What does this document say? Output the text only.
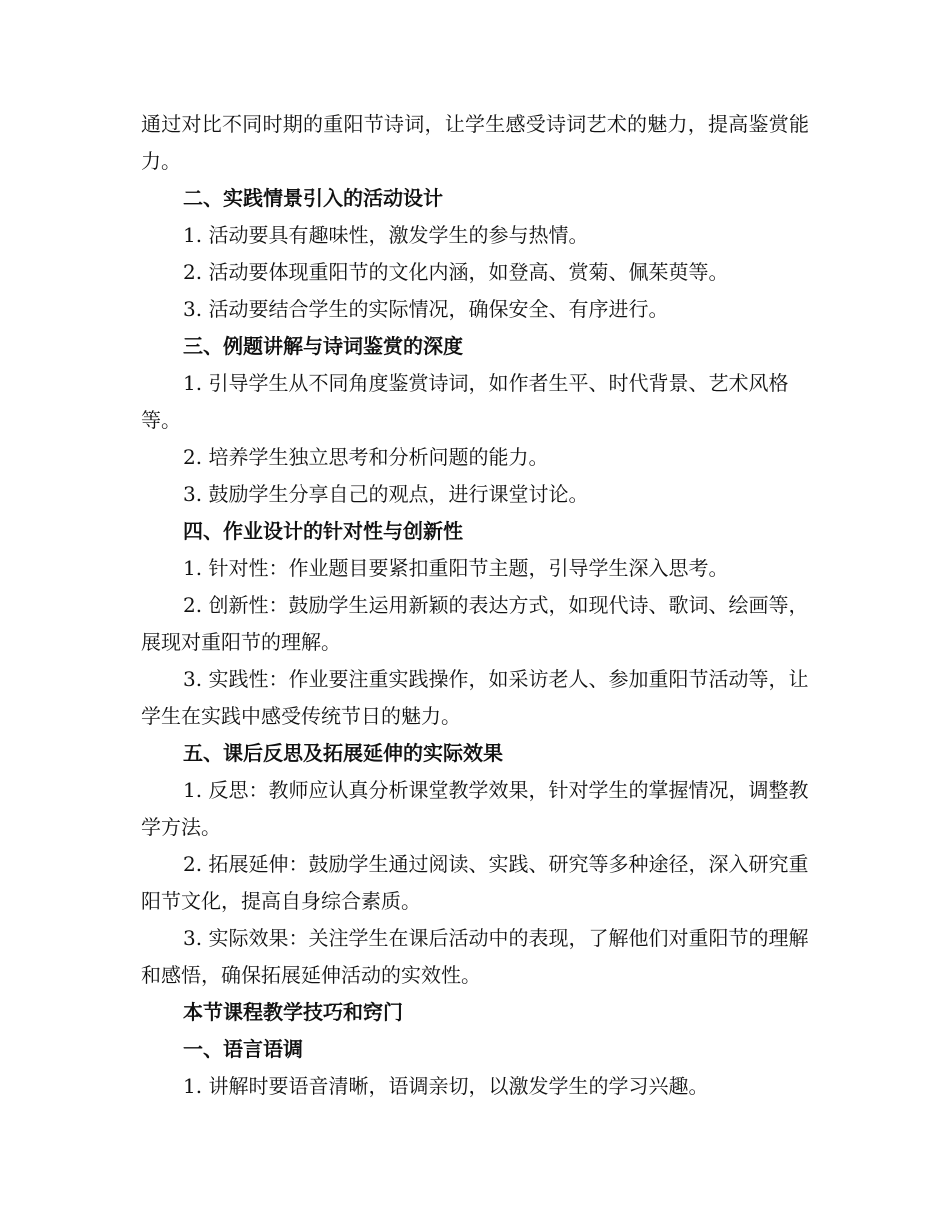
通过对比不同时期的重阳节诗词，让学生感受诗词艺术的魅力，提高鉴赏能力。

二、实践情景引入的活动设计

1. 活动要具有趣味性，激发学生的参与热情。

2. 活动要体现重阳节的文化内涵，如登高、赏菊、佩茱萸等。

3. 活动要结合学生的实际情况，确保安全、有序进行。

三、例题讲解与诗词鉴赏的深度

1. 引导学生从不同角度鉴赏诗词，如作者生平、时代背景、艺术风格等。

2. 培养学生独立思考和分析问题的能力。

3. 鼓励学生分享自己的观点，进行课堂讨论。

四、作业设计的针对性与创新性

1. 针对性：作业题目要紧扣重阳节主题，引导学生深入思考。

2. 创新性：鼓励学生运用新颖的表达方式，如现代诗、歌词、绘画等，展现对重阳节的理解。

3. 实践性：作业要注重实践操作，如采访老人、参加重阳节活动等，让学生在实践中感受传统节日的魅力。

五、课后反思及拓展延伸的实际效果

1. 反思：教师应认真分析课堂教学效果，针对学生的掌握情况，调整教学方法。

2. 拓展延伸：鼓励学生通过阅读、实践、研究等多种途径，深入研究重阳节文化，提高自身综合素质。

3. 实际效果：关注学生在课后活动中的表现，了解他们对重阳节的理解和感悟，确保拓展延伸活动的实效性。

本节课程教学技巧和窍门

一、语言语调

1. 讲解时要语音清晰，语调亲切，以激发学生的学习兴趣。
